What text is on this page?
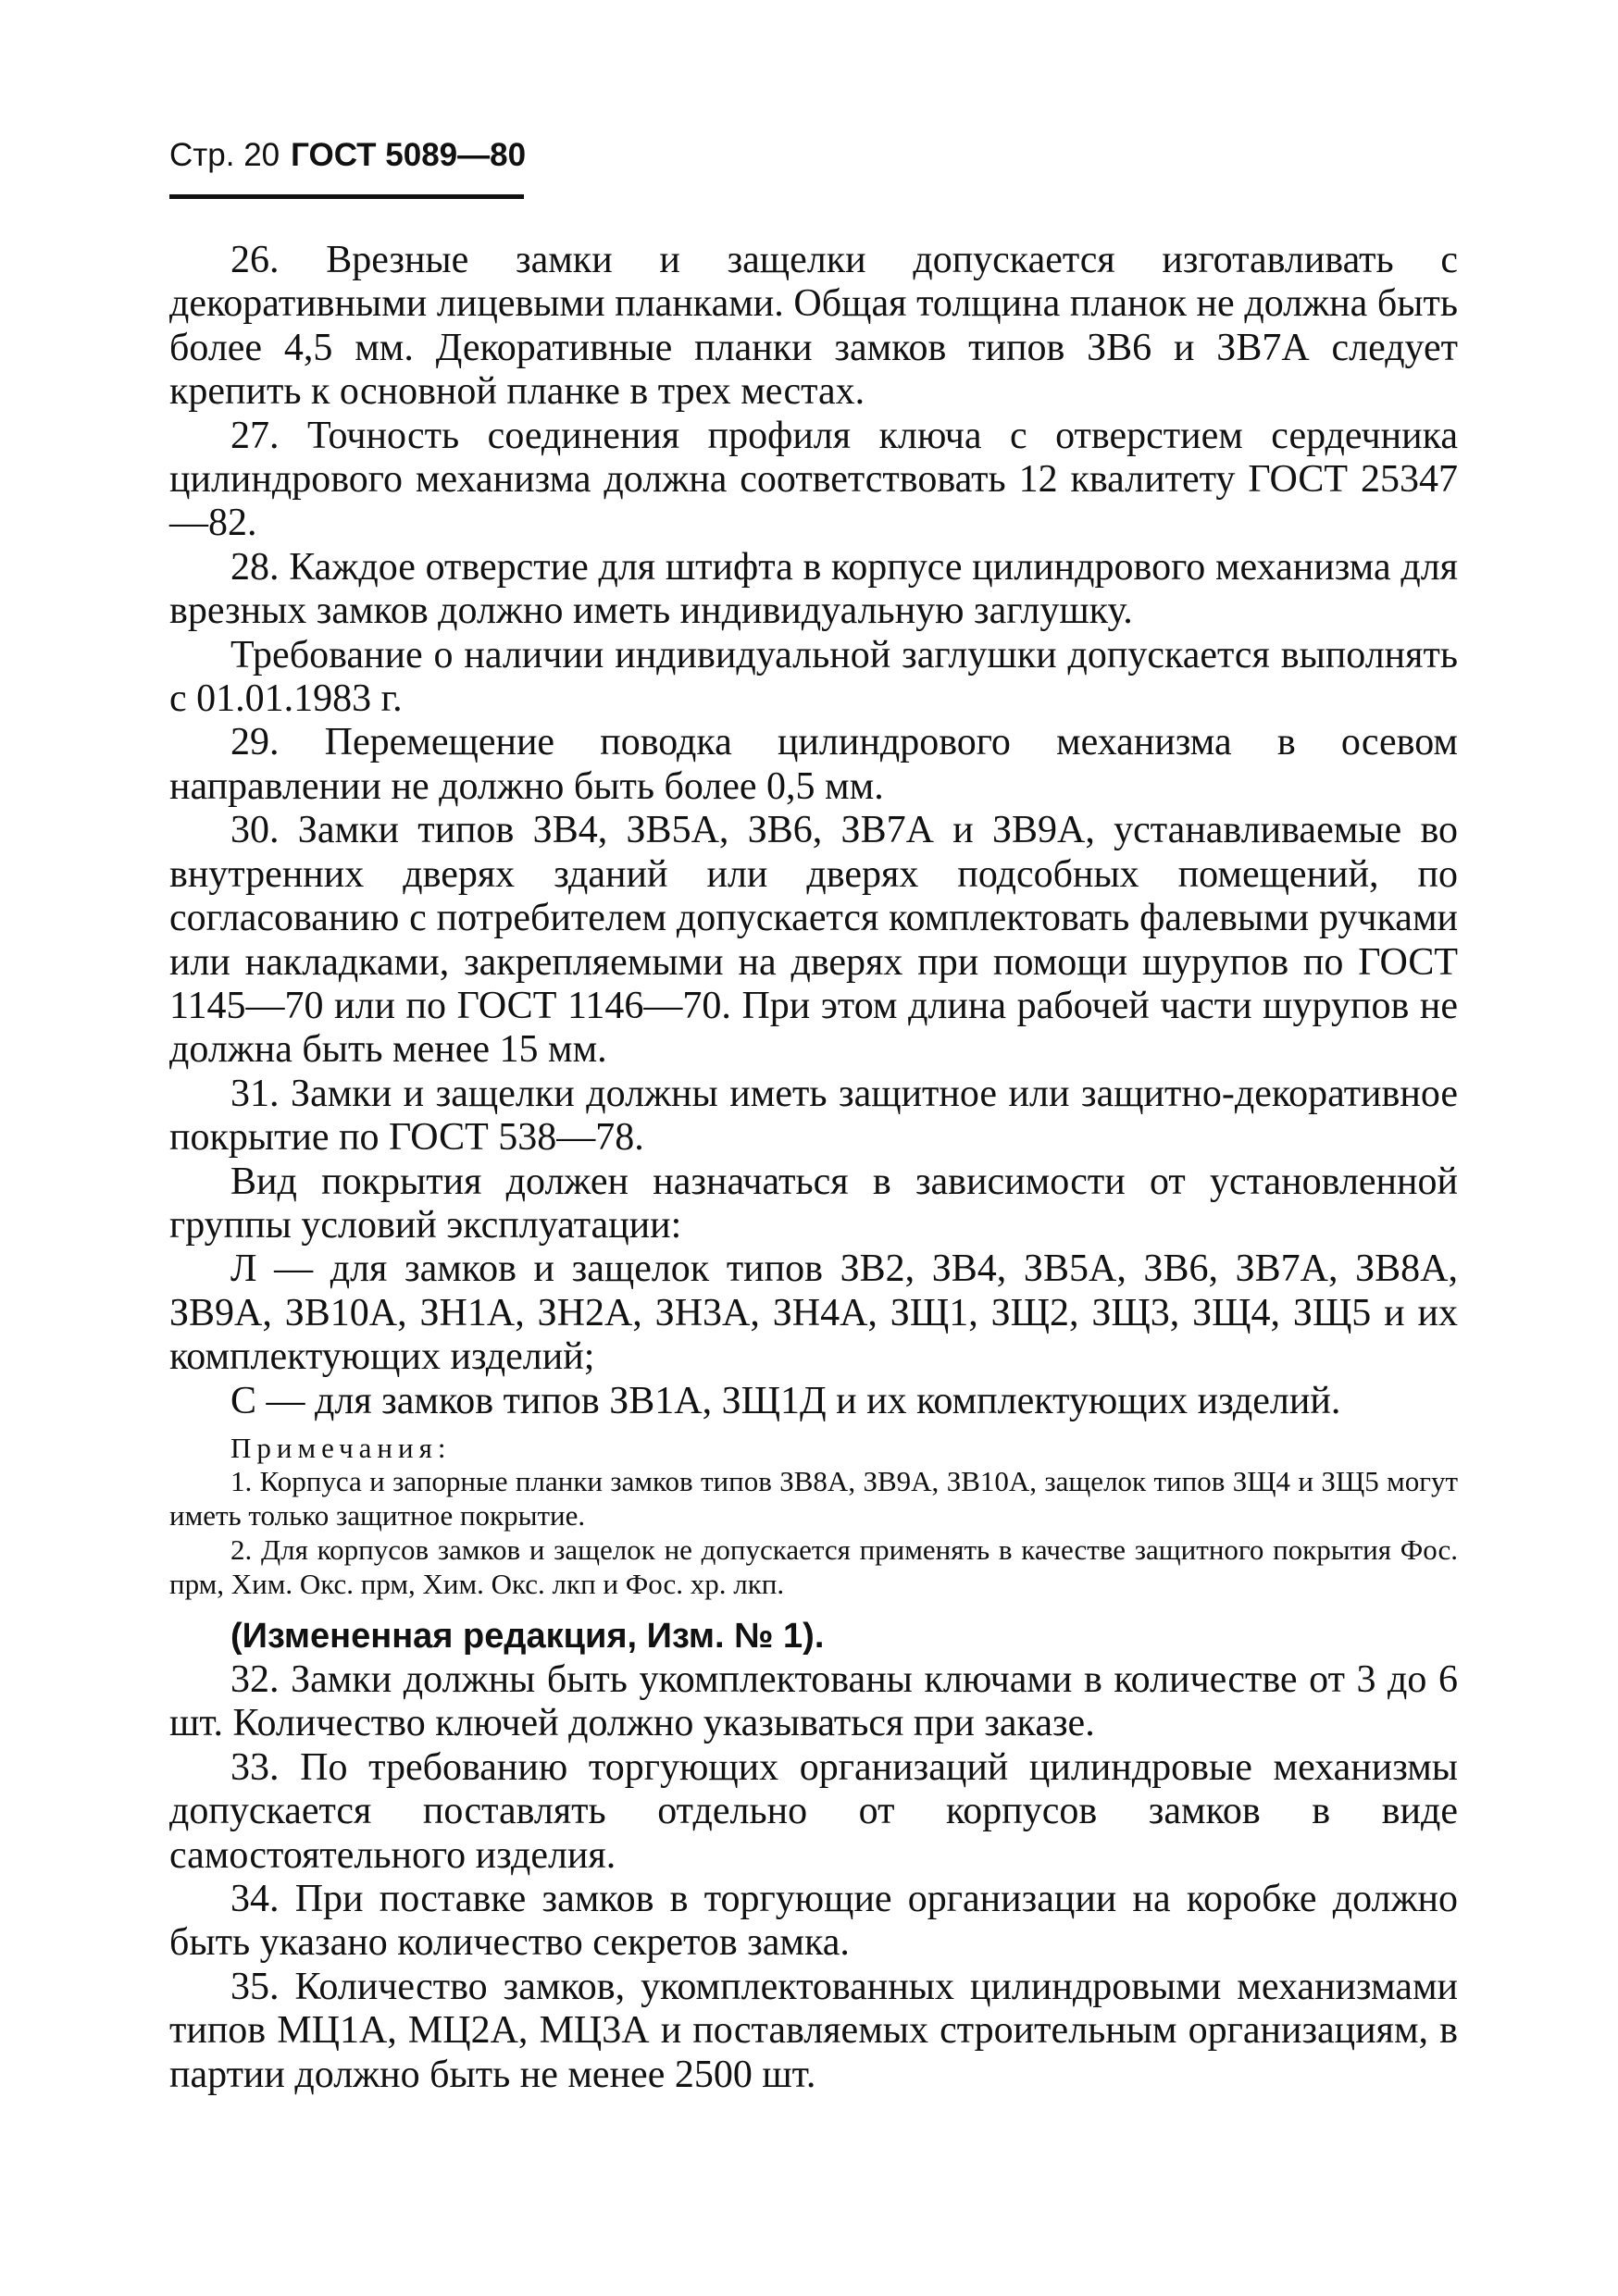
Стр. 20 ГОСТ 5089—80

26. Врезные замки и защелки допускается изготавливать с декоративными лицевыми планками. Общая толщина планок не должна быть более 4,5 мм. Декоративные планки замков типов ЗВ6 и ЗВ7А следует крепить к основной планке в трех местах.

27. Точность соединения профиля ключа с отверстием сердечника цилиндрового механизма должна соответствовать 12 квалитету ГОСТ 25347—82.

28. Каждое отверстие для штифта в корпусе цилиндрового механизма для врезных замков должно иметь индивидуальную заглушку.

Требование о наличии индивидуальной заглушки допускается выполнять с 01.01.1983 г.

29. Перемещение поводка цилиндрового механизма в осевом направлении не должно быть более 0,5 мм.

30. Замки типов ЗВ4, ЗВ5А, ЗВ6, ЗВ7А и ЗВ9А, устанавливаемые во внутренних дверях зданий или дверях подсобных помещений, по согласованию с потребителем допускается комплектовать фалевыми ручками или накладками, закрепляемыми на дверях при помощи шурупов по ГОСТ 1145—70 или по ГОСТ 1146—70. При этом длина рабочей части шурупов не должна быть менее 15 мм.

31. Замки и защелки должны иметь защитное или защитно-декоративное покрытие по ГОСТ 538—78.

Вид покрытия должен назначаться в зависимости от установленной группы условий эксплуатации:

Л — для замков и защелок типов ЗВ2, ЗВ4, ЗВ5А, ЗВ6, ЗВ7А, ЗВ8А, ЗВ9А, ЗВ10А, ЗН1А, ЗН2А, ЗН3А, ЗН4А, ЗЩ1, ЗЩ2, ЗЩ3, ЗЩ4, ЗЩ5 и их комплектующих изделий;

С — для замков типов ЗВ1А, ЗЩ1Д и их комплектующих изделий.

Примечания:

1. Корпуса и запорные планки замков типов ЗВ8А, ЗВ9А, ЗВ10А, защелок типов ЗЩ4 и ЗЩ5 могут иметь только защитное покрытие.

2. Для корпусов замков и защелок не допускается применять в качестве защитного покрытия Фос. прм, Хим. Окс. прм, Хим. Окс. лкп и Фос. хр. лкп.

(Измененная редакция, Изм. № 1).

32. Замки должны быть укомплектованы ключами в количестве от 3 до 6 шт. Количество ключей должно указываться при заказе.

33. По требованию торгующих организаций цилиндровые механизмы допускается поставлять отдельно от корпусов замков в виде самостоятельного изделия.

34. При поставке замков в торгующие организации на коробке должно быть указано количество секретов замка.

35. Количество замков, укомплектованных цилиндровыми механизмами типов МЦ1А, МЦ2А, МЦ3А и поставляемых строительным организациям, в партии должно быть не менее 2500 шт.
